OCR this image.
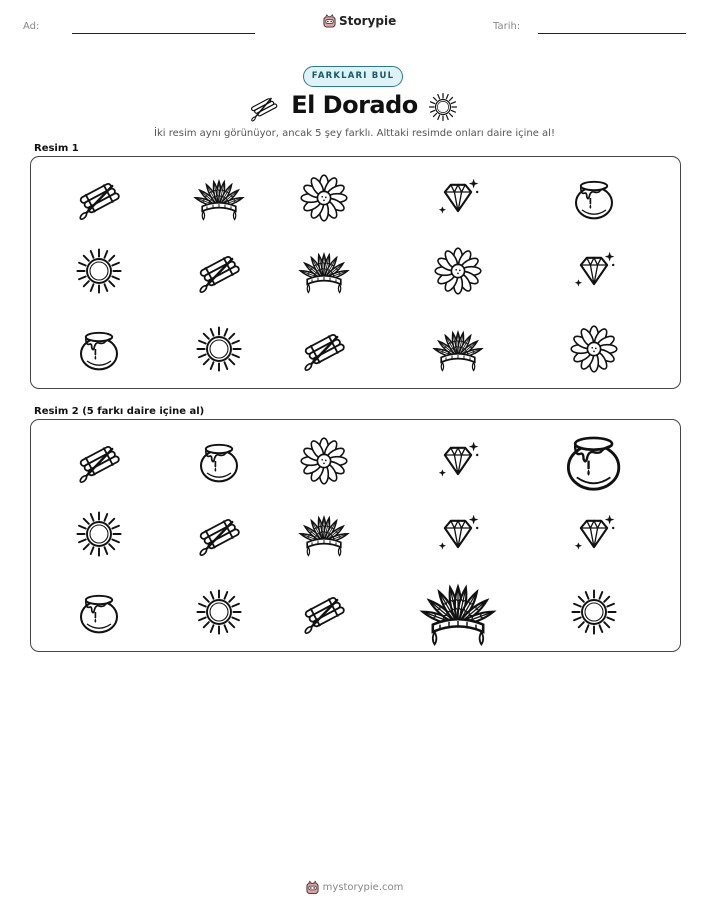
Ad:	Storypie	Tarih:
FARKLARI BUL
El Dorado
İki resim aynı görünüyor, ancak 5 şey farklı. Alttaki resimde onları daire içine al!
Resim 1
Resim 2 (5 farkı daire içine al)
mystorypie.com
